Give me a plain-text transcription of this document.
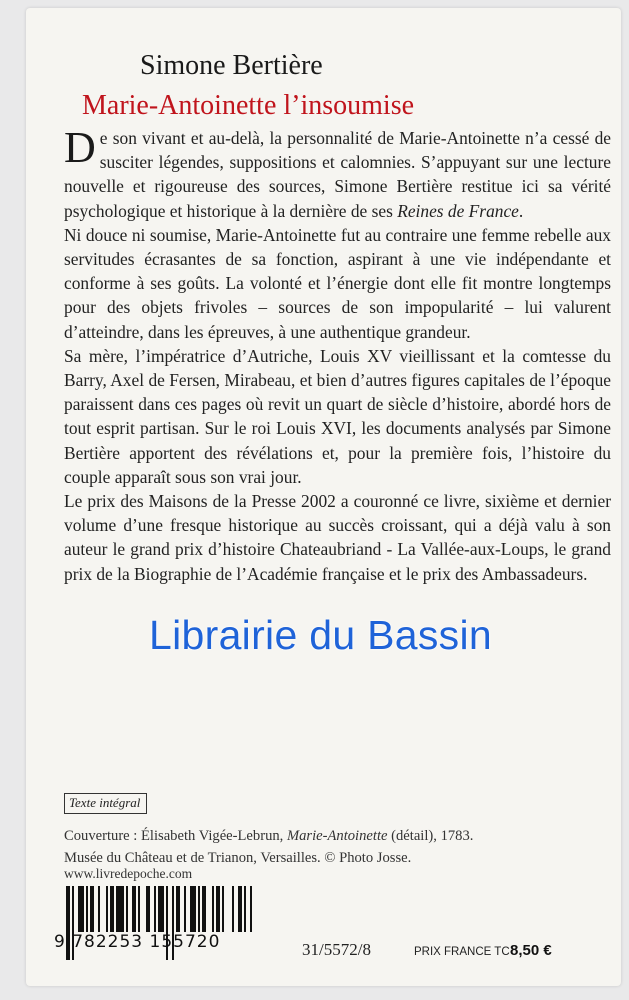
Simone Bertière
Marie-Antoinette l’insoumise

De son vivant et au-delà, la personnalité de Marie-Antoinette n’a cessé de susciter légendes, suppositions et calomnies. S’appuyant sur une lecture nouvelle et rigoureuse des sources, Simone Bertière restitue ici sa vérité psychologique et historique à la dernière de ses Reines de France.

Ni douce ni soumise, Marie-Antoinette fut au contraire une femme rebelle aux servitudes écrasantes de sa fonction, aspirant à une vie indépendante et conforme à ses goûts. La volonté et l’énergie dont elle fit montre longtemps pour des objets frivoles – sources de son impopularité – lui valurent d’atteindre, dans les épreuves, à une authentique grandeur.

Sa mère, l’impératrice d’Autriche, Louis XV vieillissant et la comtesse du Barry, Axel de Fersen, Mirabeau, et bien d’autres figures capitales de l’époque paraissent dans ces pages où revit un quart de siècle d’histoire, abordé hors de tout esprit partisan. Sur le roi Louis XVI, les documents analysés par Simone Bertière apportent des révélations et, pour la première fois, l’histoire du couple apparaît sous son vrai jour.

Le prix des Maisons de la Presse 2002 a couronné ce livre, sixième et dernier volume d’une fresque historique au succès croissant, qui a déjà valu à son auteur le grand prix d’histoire Chateaubriand - La Vallée-aux-Loups, le grand prix de la Biographie de l’Académie française et le prix des Ambassadeurs.

Librairie du Bassin
Texte intégral

Couverture : Élisabeth Vigée-Lebrun, Marie-Antoinette (détail), 1783.

Musée du Château et de Trianon, Versailles. © Photo Josse.

www.livredepoche.com
9 782253 155720	31/5572/8	PRIX FRANCE TC 8,50 €
